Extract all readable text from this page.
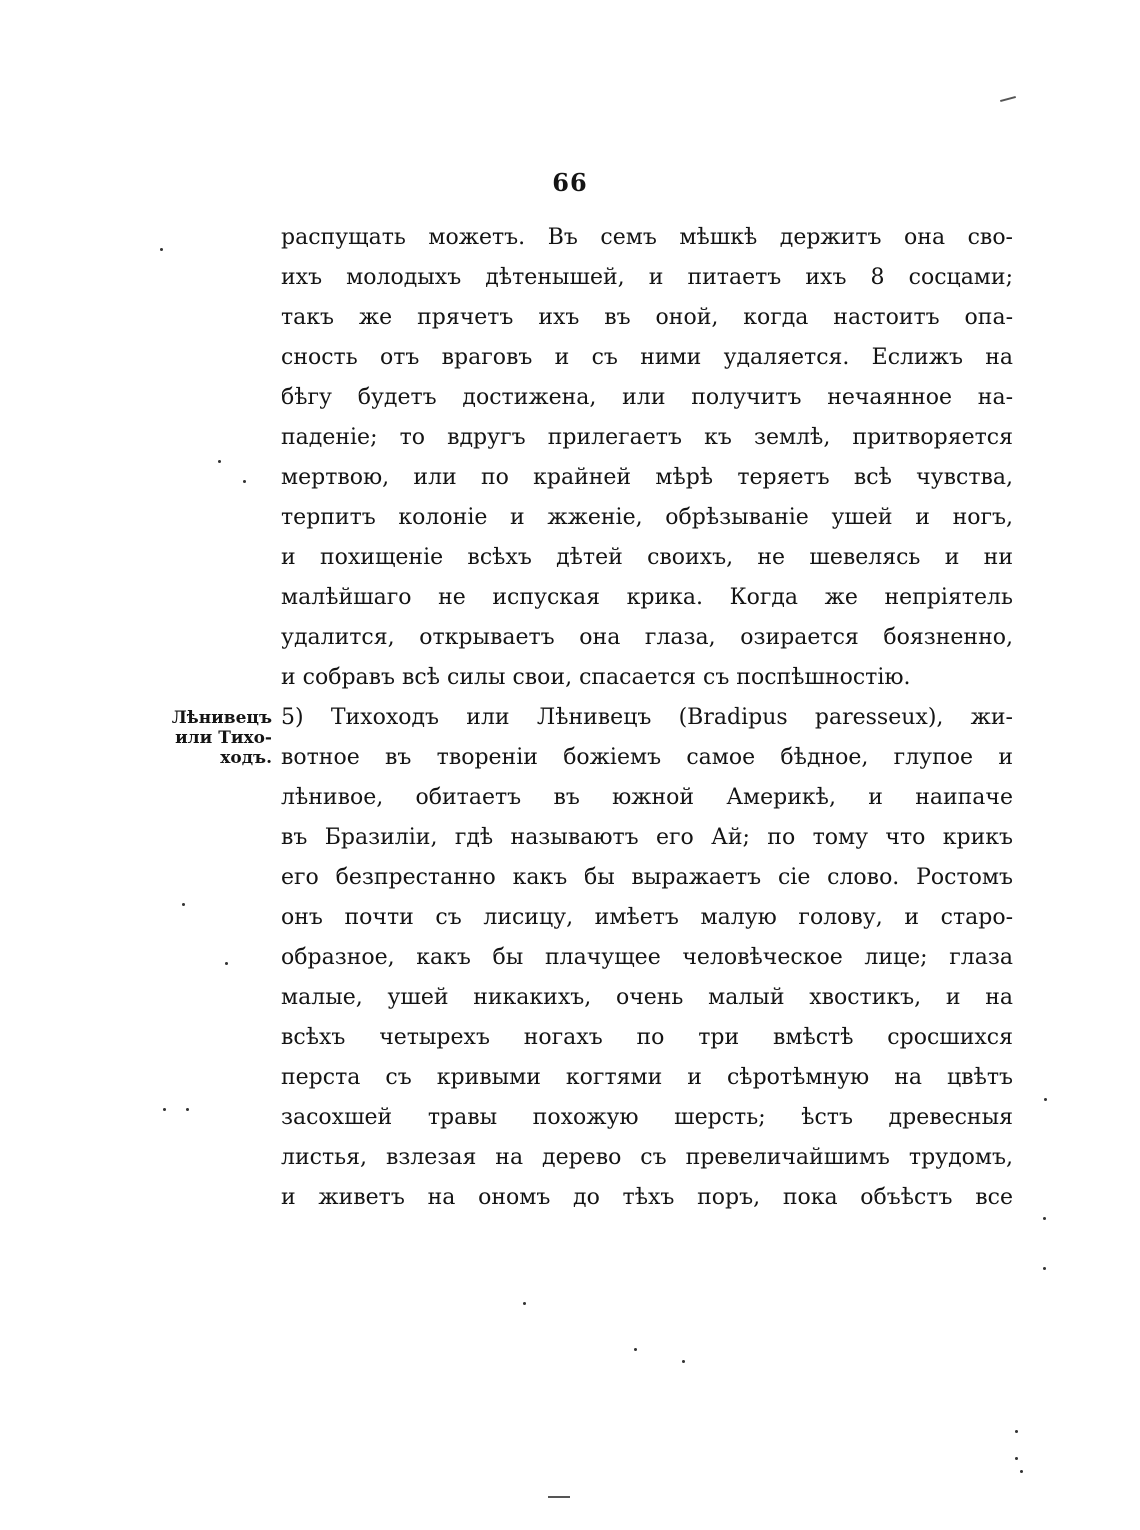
66
распущать можетъ. Въ семъ мѣшкѣ держитъ она сво-
ихъ молодыхъ дѣтенышей, и питаетъ ихъ 8 сосцами;
такъ же прячетъ ихъ въ оной, когда настоитъ опа-
сность отъ враговъ и съ ними удаляется. Еслижъ на
бѣгу будетъ достижена, или получитъ нечаянное на-
паденіе; то вдругъ прилегаетъ къ землѣ, притворяется
мертвою, или по крайней мѣрѣ теряетъ всѣ чувства,
терпитъ колоніе и жженіе, обрѣзываніе ушей и ногъ,
и похищеніе всѣхъ дѣтей своихъ, не шевелясь и ни
малѣйшаго не испуская крика. Когда же непріятель
удалится, открываетъ она глаза, озирается боязненно,
и собравъ всѣ силы свои, спасается съ поспѣшностію.
5) Тихоходъ или Лѣнивецъ (Bradipus paresseux), жи-
вотное въ твореніи божіемъ самое бѣдное, глупое и
лѣнивое, обитаетъ въ южной Америкѣ, и наипаче
въ Бразиліи, гдѣ называютъ его Ай; по тому что крикъ
его безпрестанно какъ бы выражаетъ сіе слово. Ростомъ
онъ почти съ лисицу, имѣетъ малую голову, и старо-
образное, какъ бы плачущее человѣческое лице; глаза
малые, ушей никакихъ, очень малый хвостикъ, и на
всѣхъ четырехъ ногахъ по три вмѣстѣ сросшихся
перста съ кривыми когтями и сѣротѣмную на цвѣтъ
засохшей травы похожую шерсть; ѣстъ древесныя
листья, взлезая на дерево съ превеличайшимъ трудомъ,
и живетъ на ономъ до тѣхъ поръ, пока объѣстъ все
Лѣнивецъ
или Тихо-
ходъ.
